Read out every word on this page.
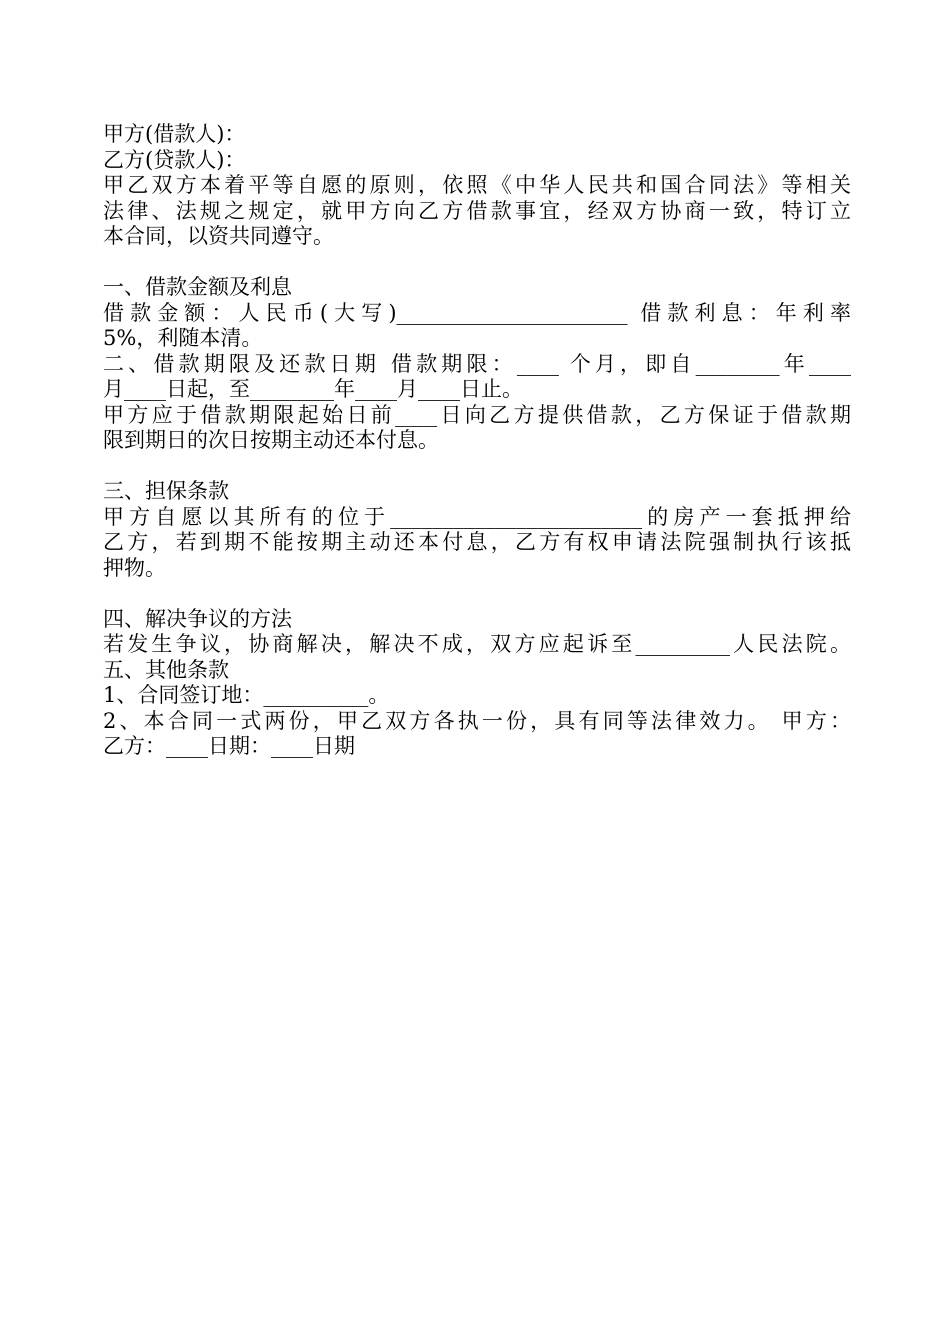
甲方(借款人)：
乙方(贷款人)：
甲乙双方本着平等自愿的原则，依照《中华人民共和国合同法》等相关
法律、法规之规定，就甲方向乙方借款事宜，经双方协商一致，特订立
本合同，以资共同遵守。
一、借款金额及利息
借款金额：人民币(大写)______________________ 借款利息：年利率
5%，利随本清。
二、借款期限及还款日期 借款期限：____ 个月，即自________年____
月____日起，至________年____月____日止。
甲方应于借款期限起始日前____日向乙方提供借款，乙方保证于借款期
限到期日的次日按期主动还本付息。
三、担保条款
甲方自愿以其所有的位于________________________的房产一套抵押给
乙方，若到期不能按期主动还本付息，乙方有权申请法院强制执行该抵
押物。
四、解决争议的方法
若发生争议，协商解决，解决不成，双方应起诉至_________人民法院。
五、其他条款
1、合同签订地：__________。
2、本合同一式两份，甲乙双方各执一份，具有同等法律效力。 甲方：
乙方：____日期：____日期
